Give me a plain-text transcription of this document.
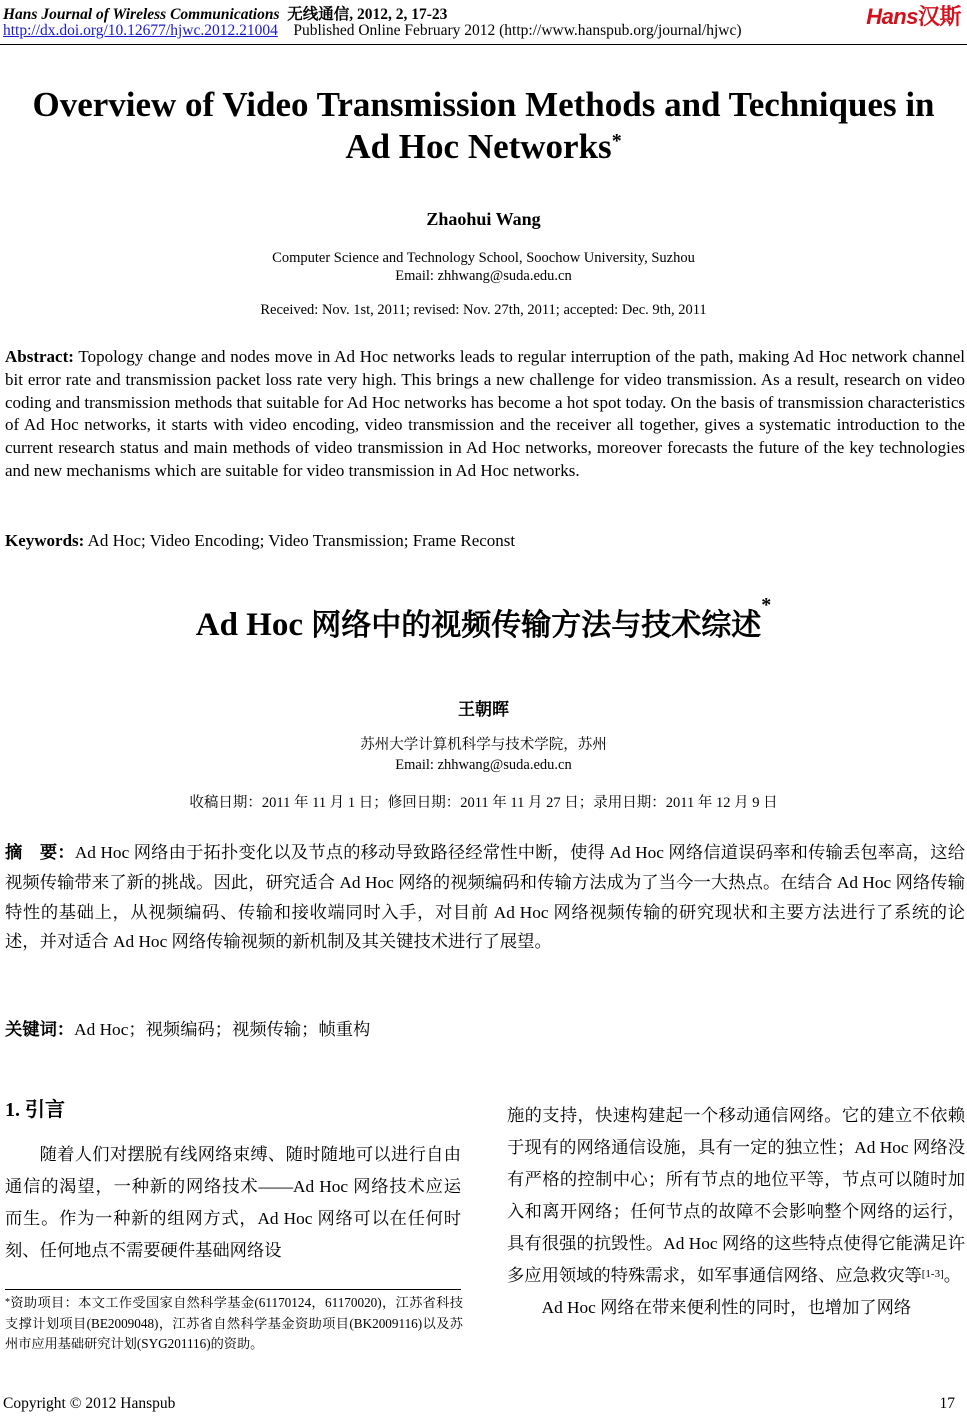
Hans Journal of Wireless Communications 无线通信, 2012, 2, 17-23
http://dx.doi.org/10.12677/hjwc.2012.21004 Published Online February 2012 (http://www.hanspub.org/journal/hjwc)
Hans汉斯
Overview of Video Transmission Methods and Techniques in
Ad Hoc Networks*
Zhaohui Wang
Computer Science and Technology School, Soochow University, Suzhou
Email: zhhwang@suda.edu.cn
Received: Nov. 1st, 2011; revised: Nov. 27th, 2011; accepted: Dec. 9th, 2011
Abstract: Topology change and nodes move in Ad Hoc networks leads to regular interruption of the path, making Ad Hoc network channel bit error rate and transmission packet loss rate very high. This brings a new challenge for video transmission. As a result, research on video coding and transmission methods that suitable for Ad Hoc networks has become a hot spot today. On the basis of transmission characteristics of Ad Hoc networks, it starts with video encoding, video transmission and the receiver all together, gives a systematic introduction to the current research status and main methods of video transmission in Ad Hoc networks, moreover forecasts the future of the key technologies and new mechanisms which are suitable for video transmission in Ad Hoc networks.
Keywords: Ad Hoc; Video Encoding; Video Transmission; Frame Reconst
Ad Hoc 网络中的视频传输方法与技术综述*
王朝晖
苏州大学计算机科学与技术学院，苏州
Email: zhhwang@suda.edu.cn
收稿日期：2011 年 11 月 1 日；修回日期：2011 年 11 月 27 日；录用日期：2011 年 12 月 9 日
摘　要：Ad Hoc 网络由于拓扑变化以及节点的移动导致路径经常性中断，使得 Ad Hoc 网络信道误码率和传输丢包率高，这给视频传输带来了新的挑战。因此，研究适合 Ad Hoc 网络的视频编码和传输方法成为了当今一大热点。在结合 Ad Hoc 网络传输特性的基础上，从视频编码、传输和接收端同时入手，对目前 Ad Hoc 网络视频传输的研究现状和主要方法进行了系统的论述，并对适合 Ad Hoc 网络传输视频的新机制及其关键技术进行了展望。
关键词：Ad Hoc；视频编码；视频传输；帧重构
1. 引言
随着人们对摆脱有线网络束缚、随时随地可以进行自由通信的渴望，一种新的网络技术——Ad Hoc 网络技术应运而生。作为一种新的组网方式，Ad Hoc 网络可以在任何时刻、任何地点不需要硬件基础网络设
施的支持，快速构建起一个移动通信网络。它的建立不依赖于现有的网络通信设施，具有一定的独立性；Ad Hoc 网络没有严格的控制中心；所有节点的地位平等，节点可以随时加入和离开网络；任何节点的故障不会影响整个网络的运行，具有很强的抗毁性。Ad Hoc 网络的这些特点使得它能满足许多应用领域的特殊需求，如军事通信网络、应急救灾等[1-3]。
Ad Hoc 网络在带来便利性的同时，也增加了网络
*资助项目：本文工作受国家自然科学基金(61170124，61170020)，江苏省科技支撑计划项目(BE2009048)，江苏省自然科学基金资助项目(BK2009116)以及苏州市应用基础研究计划(SYG201116)的资助。
Copyright © 2012 Hanspub	17
